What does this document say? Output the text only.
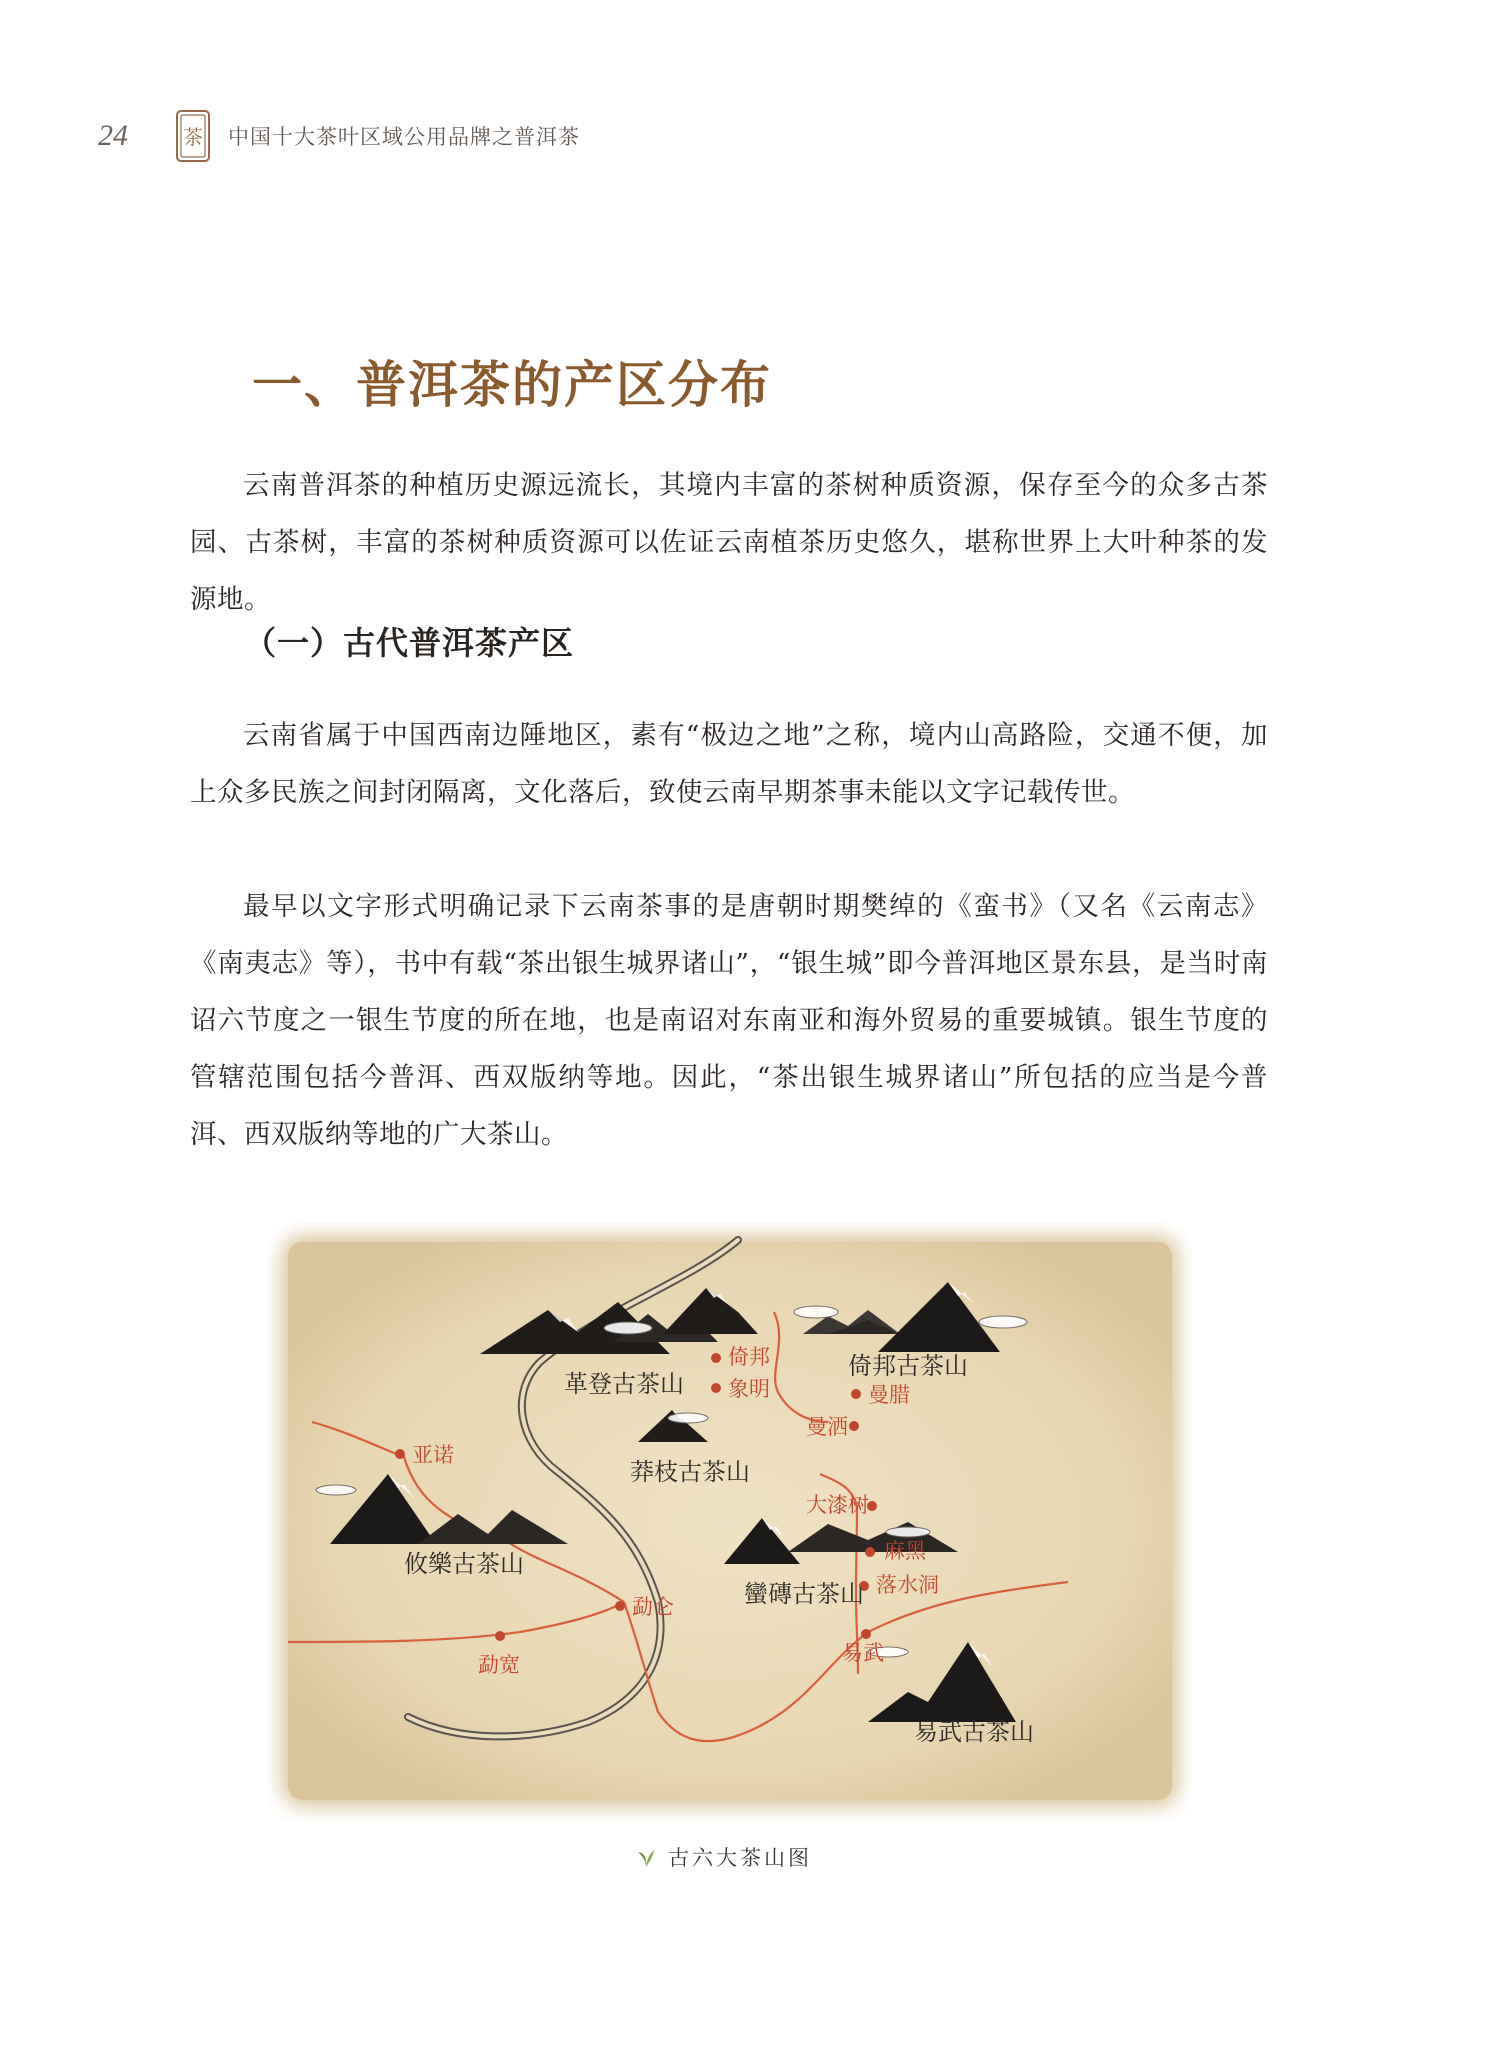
24	茶 中国十大茶叶区域公用品牌之普洱茶
一、普洱茶的产区分布

云南普洱茶的种植历史源远流长，其境内丰富的茶树种质资源，保存至今的众多古茶园、古茶树，丰富的茶树种质资源可以佐证云南植茶历史悠久，堪称世界上大叶种茶的发源地。

（一）古代普洱茶产区

云南省属于中国西南边陲地区，素有“极边之地”之称，境内山高路险，交通不便，加上众多民族之间封闭隔离，文化落后，致使云南早期茶事未能以文字记载传世。

最早以文字形式明确记录下云南茶事的是唐朝时期樊绰的《蛮书》（又名《云南志》《南夷志》等），书中有载“茶出银生城界诸山”，“银生城”即今普洱地区景东县，是当时南诏六节度之一银生节度的所在地，也是南诏对东南亚和海外贸易的重要城镇。银生节度的管辖范围包括今普洱、西双版纳等地。因此，“茶出银生城界诸山”所包括的应当是今普洱、西双版纳等地的广大茶山。

革登古茶山
倚邦古茶山
莽枝古茶山
攸樂古茶山
蠻磚古茶山
易武古茶山
倚邦
象明	曼腊
曼洒
亚诺
大漆树
麻黑
落水洞
勐仑
勐宽	易武
古六大茶山图
